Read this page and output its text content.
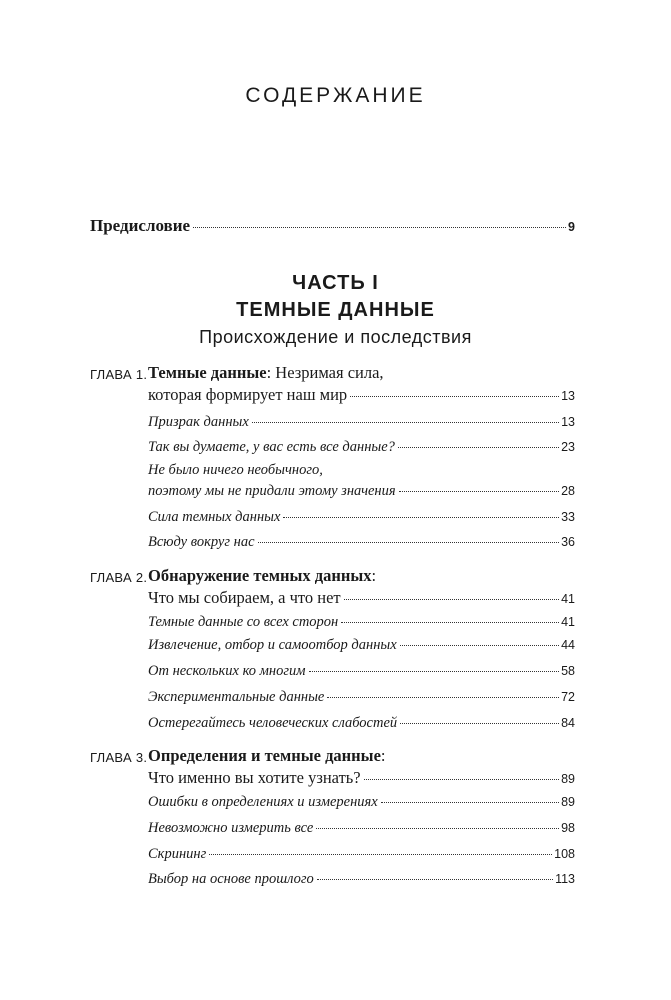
СОДЕРЖАНИЕ
Предисловие	9
ЧАСТЬ I
ТЕМНЫЕ ДАННЫЕ
Происхождение и последствия
ГЛАВА 1. Темные данные: Незримая сила,
которая формирует наш мир	13
Призрак данных	13
Так вы думаете, у вас есть все данные?	23
Не было ничего необычного,
поэтому мы не придали этому значения	28
Сила темных данных	33
Всюду вокруг нас	36
ГЛАВА 2. Обнаружение темных данных:
Что мы собираем, а что нет	41
Темные данные со всех сторон	41
Извлечение, отбор и самоотбор данных	44
От нескольких ко многим	58
Экспериментальные данные	72
Остерегайтесь человеческих слабостей	84
ГЛАВА 3. Определения и темные данные:
Что именно вы хотите узнать?	89
Ошибки в определениях и измерениях	89
Невозможно измерить все	98
Скрининг	108
Выбор на основе прошлого	113
